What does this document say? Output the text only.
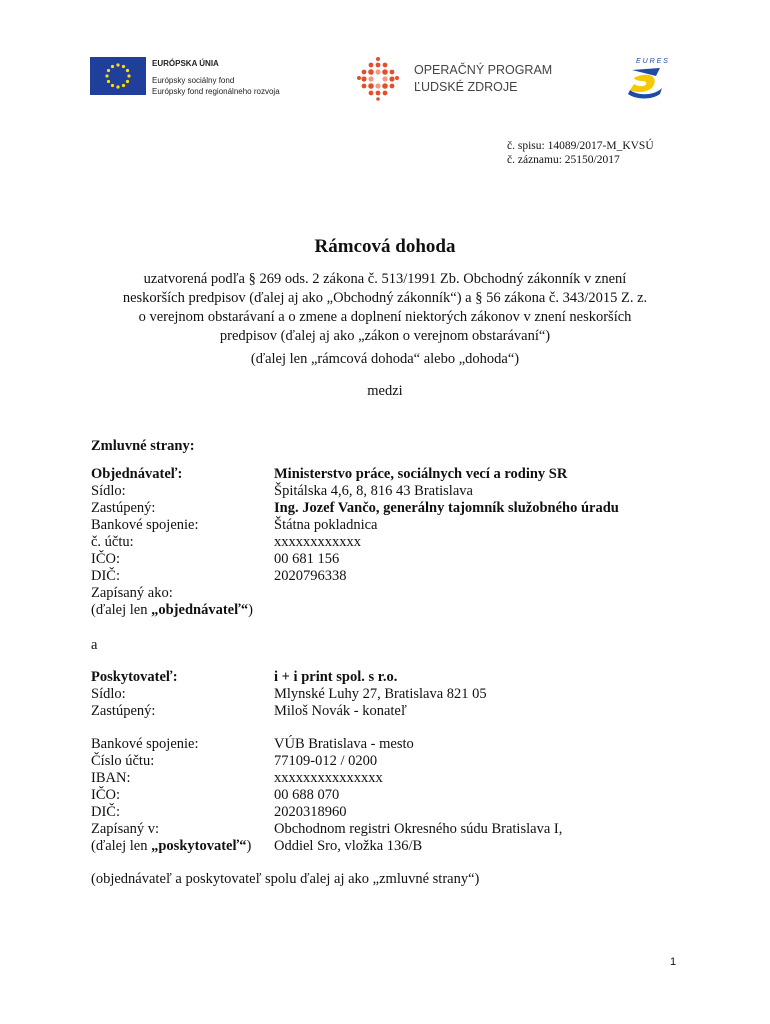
EURÓPSKA ÚNIA
Európsky sociálny fond
Európsky fond regionálneho rozvoja
OPERAČNÝ PROGRAM
ĽUDSKÉ ZDROJE
E U R E S
č. spisu: 14089/2017-M_KVSÚ
č. záznamu: 25150/2017
Rámcová dohoda
uzatvorená podľa § 269 ods. 2 zákona č. 513/1991 Zb. Obchodný zákonník v znení
neskorších predpisov (ďalej aj ako „Obchodný zákonník“) a § 56 zákona č. 343/2015 Z. z.
o verejnom obstarávaní a o zmene a doplnení niektorých zákonov v znení neskorších
predpisov (ďalej aj ako „zákon o verejnom obstarávaní“)
(ďalej len „rámcová dohoda“ alebo „dohoda“)
medzi
Zmluvné strany:
Objednávateľ:	Ministerstvo práce, sociálnych vecí a rodiny SR
Sídlo:	Špitálska 4,6, 8, 816 43 Bratislava
Zastúpený:	Ing. Jozef Vančo, generálny tajomník služobného úradu
Bankové spojenie:	Štátna pokladnica
č. účtu:	xxxxxxxxxxxx
IČO:	00 681 156
DIČ:	2020796338
Zapísaný ako:
(ďalej len „objednávateľ“)
a
Poskytovateľ:	i + i print spol. s r.o.
Sídlo:	Mlynské Luhy 27, Bratislava 821 05
Zastúpený:	Miloš Novák - konateľ
Bankové spojenie:	VÚB Bratislava - mesto
Číslo účtu:	77109-012 / 0200
IBAN:	xxxxxxxxxxxxxxx
IČO:	00 688 070
DIČ:	2020318960
Zapísaný v:	Obchodnom registri Okresného súdu Bratislava I,
(ďalej len „poskytovateľ“) Oddiel Sro, vložka 136/B
(objednávateľ a poskytovateľ spolu ďalej aj ako „zmluvné strany“)
1
